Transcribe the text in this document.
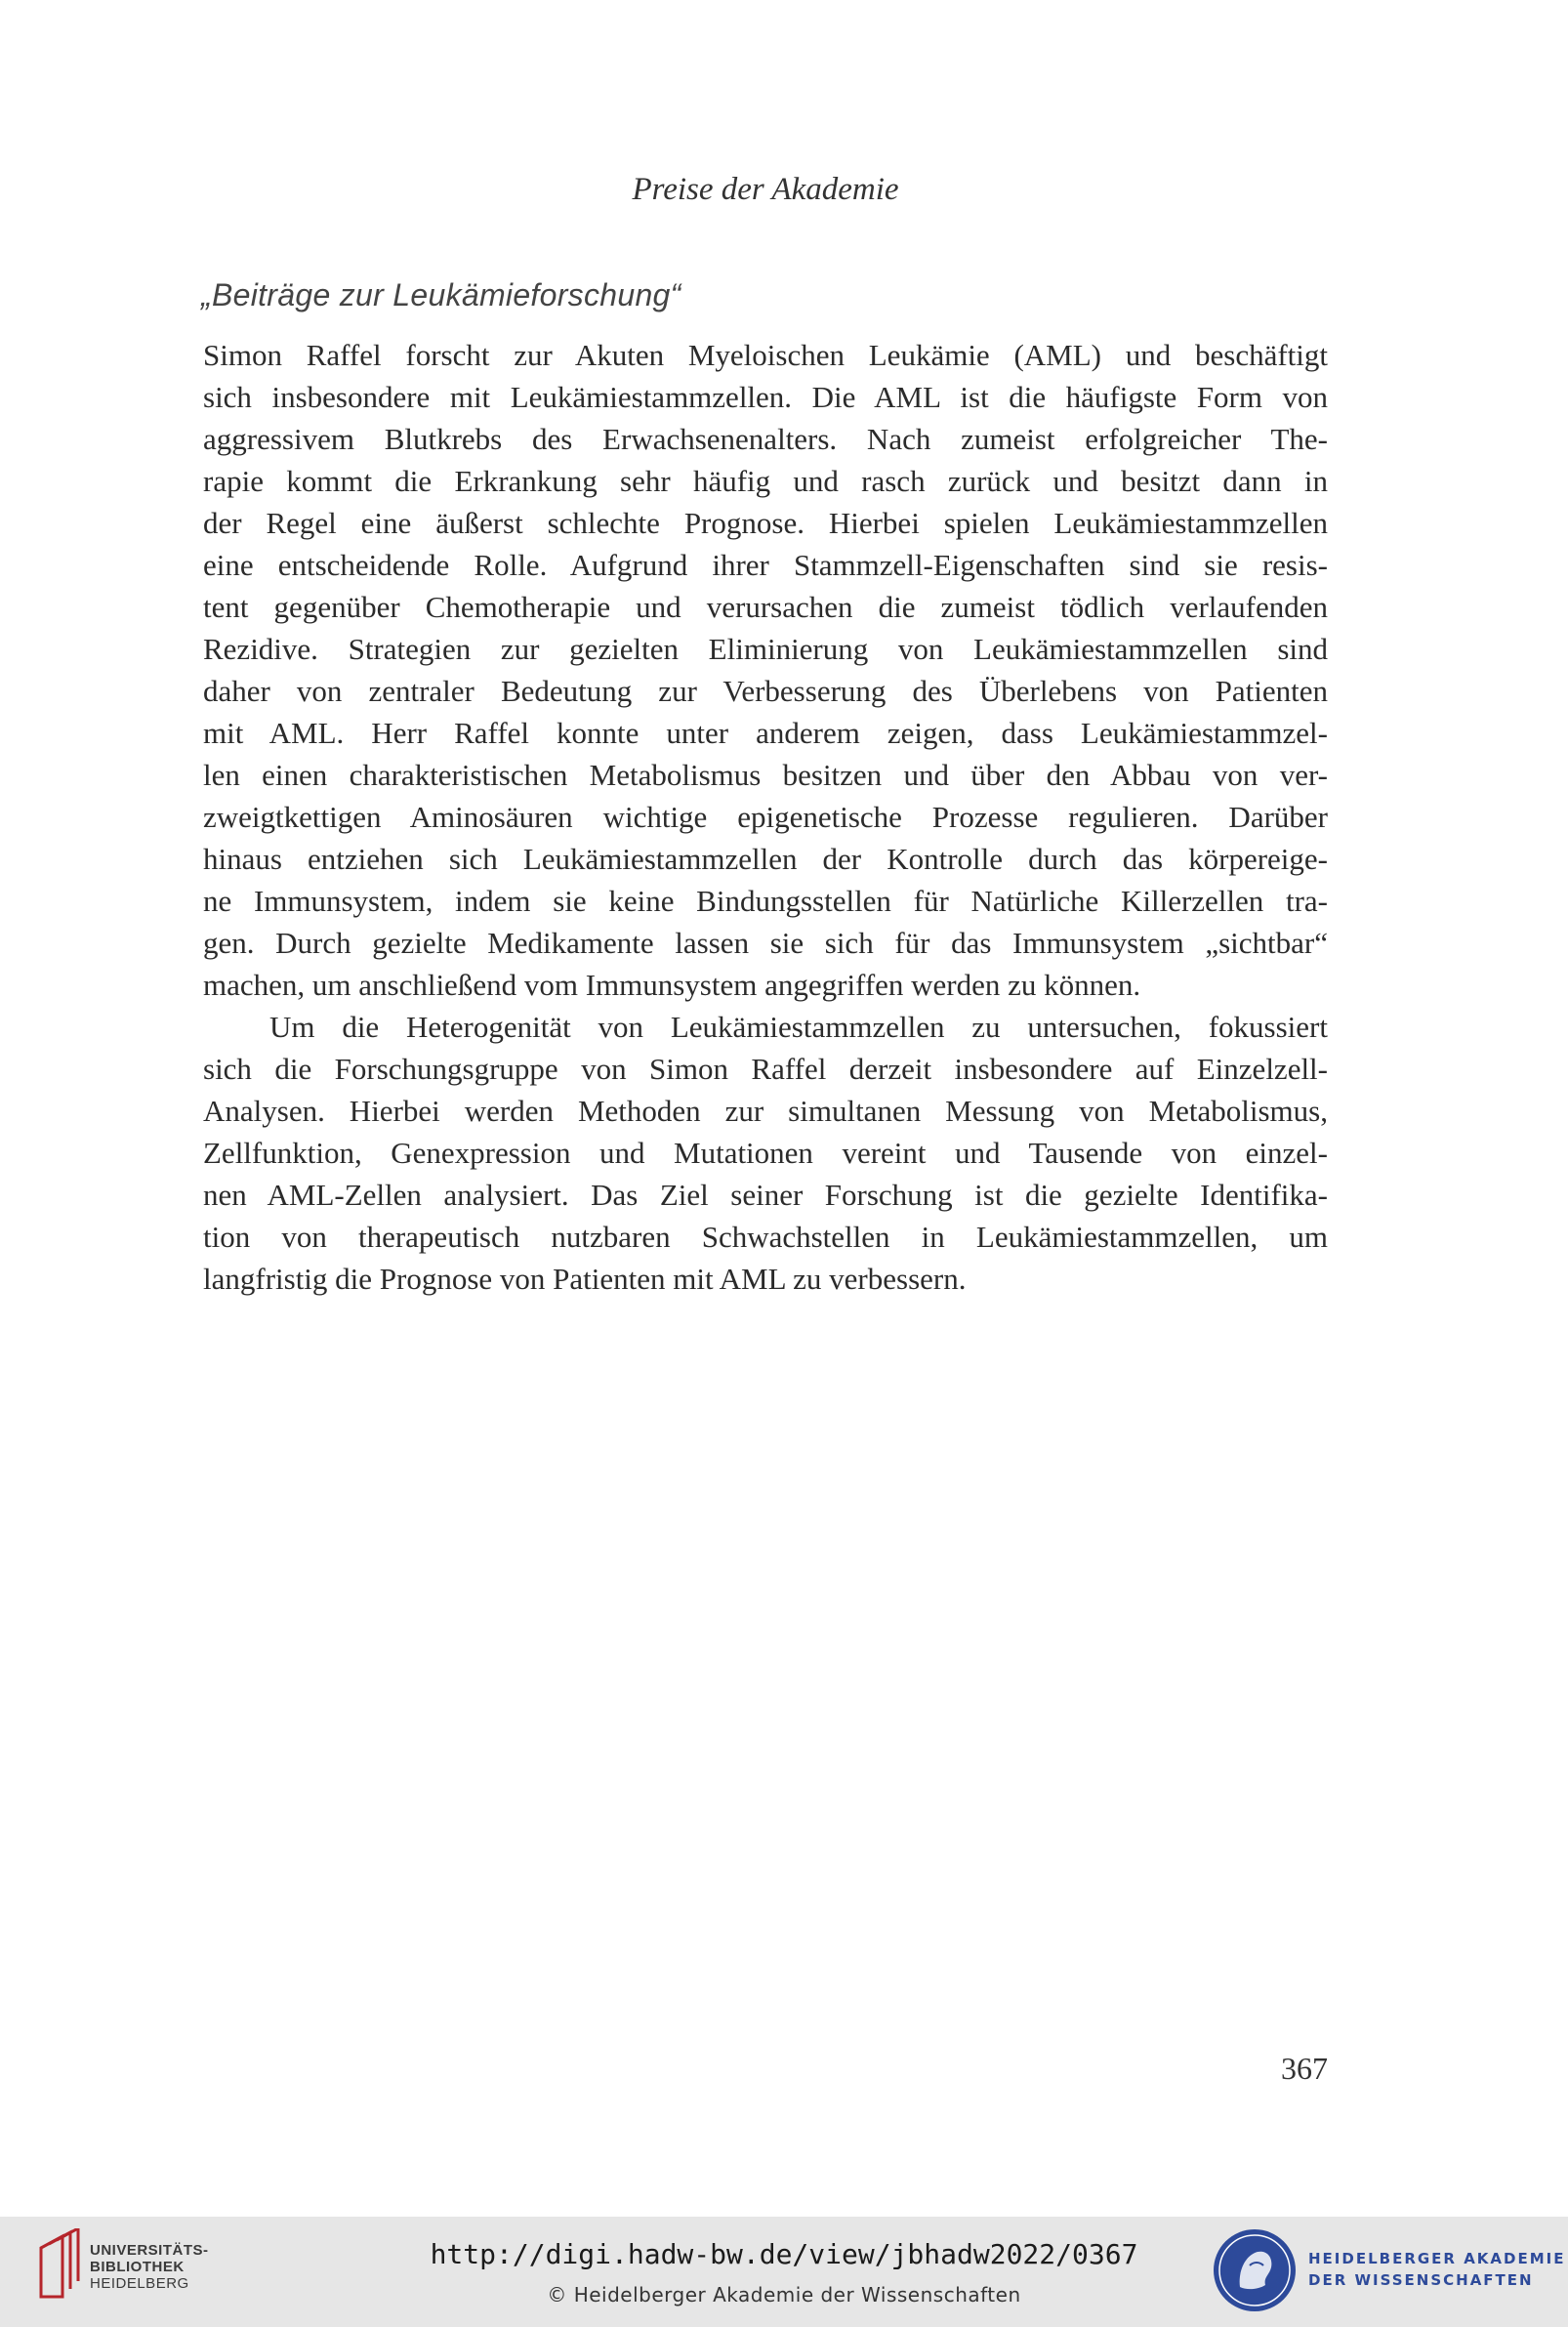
Preise der Akademie
„Beiträge zur Leukämieforschung“
Simon Raffel forscht zur Akuten Myeloischen Leukämie (AML) und beschäftigt
sich insbesondere mit Leukämiestammzellen. Die AML ist die häufigste Form von
aggressivem Blutkrebs des Erwachsenenalters. Nach zumeist erfolgreicher The-
rapie kommt die Erkrankung sehr häufig und rasch zurück und besitzt dann in
der Regel eine äußerst schlechte Prognose. Hierbei spielen Leukämiestammzellen
eine entscheidende Rolle. Aufgrund ihrer Stammzell-Eigenschaften sind sie resis-
tent gegenüber Chemotherapie und verursachen die zumeist tödlich verlaufenden
Rezidive. Strategien zur gezielten Eliminierung von Leukämiestammzellen sind
daher von zentraler Bedeutung zur Verbesserung des Überlebens von Patienten
mit AML. Herr Raffel konnte unter anderem zeigen, dass Leukämiestammzel-
len einen charakteristischen Metabolismus besitzen und über den Abbau von ver-
zweigtkettigen Aminosäuren wichtige epigenetische Prozesse regulieren. Darüber
hinaus entziehen sich Leukämiestammzellen der Kontrolle durch das körpereige-
ne Immunsystem, indem sie keine Bindungsstellen für Natürliche Killerzellen tra-
gen. Durch gezielte Medikamente lassen sie sich für das Immunsystem „sichtbar“
machen, um anschließend vom Immunsystem angegriffen werden zu können.
Um die Heterogenität von Leukämiestammzellen zu untersuchen, fokussiert
sich die Forschungsgruppe von Simon Raffel derzeit insbesondere auf Einzelzell-
Analysen. Hierbei werden Methoden zur simultanen Messung von Metabolismus,
Zellfunktion, Genexpression und Mutationen vereint und Tausende von einzel-
nen AML-Zellen analysiert. Das Ziel seiner Forschung ist die gezielte Identifika-
tion von therapeutisch nutzbaren Schwachstellen in Leukämiestammzellen, um
langfristig die Prognose von Patienten mit AML zu verbessern.
367
UNIVERSITÄTS-
BIBLIOTHEK
HEIDELBERG
http://digi.hadw-bw.de/view/jbhadw2022/0367
© Heidelberger Akademie der Wissenschaften
HEIDELBERGER AKADEMIE
DER WISSENSCHAFTEN
